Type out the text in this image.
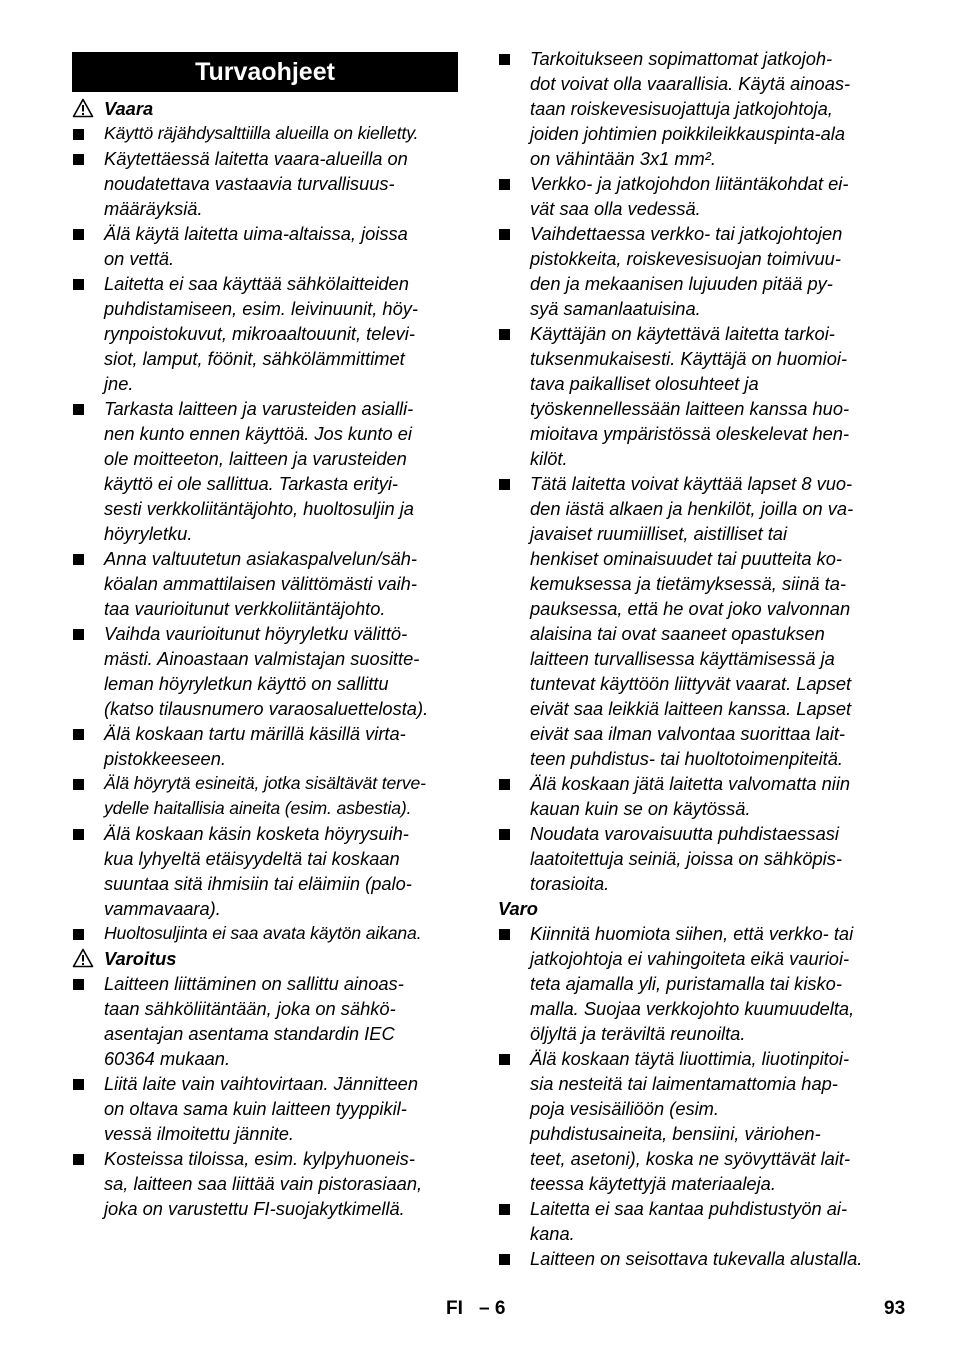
Turvaohjeet
Vaara
Käyttö räjähdysalttiilla alueilla on kielletty.
Käytettäessä laitetta vaara-alueilla on
noudatettava vastaavia turvallisuus-
määräyksiä.
Älä käytä laitetta uima-altaissa, joissa
on vettä.
Laitetta ei saa käyttää sähkölaitteiden
puhdistamiseen, esim. leivinuunit, höy-
rynpoistokuvut, mikroaaltouunit, televi-
siot, lamput, föönit, sähkölämmittimet
jne.
Tarkasta laitteen ja varusteiden asialli-
nen kunto ennen käyttöä. Jos kunto ei
ole moitteeton, laitteen ja varusteiden
käyttö ei ole sallittua. Tarkasta erityi-
sesti verkkoliitäntäjohto, huoltosuljin ja
höyryletku.
Anna valtuutetun asiakaspalvelun/säh-
köalan ammattilaisen välittömästi vaih-
taa vaurioitunut verkkoliitäntäjohto.
Vaihda vaurioitunut höyryletku välittö-
mästi. Ainoastaan valmistajan suositte-
leman höyryletkun käyttö on sallittu
(katso tilausnumero varaosaluettelosta).
Älä koskaan tartu märillä käsillä virta-
pistokkeeseen.
Älä höyrytä esineitä, jotka sisältävät terve-
ydelle haitallisia aineita (esim. asbestia).
Älä koskaan käsin kosketa höyrysuih-
kua lyhyeltä etäisyydeltä tai koskaan
suuntaa sitä ihmisiin tai eläimiin (palo-
vammavaara).
Huoltosuljinta ei saa avata käytön aikana.
Varoitus
Laitteen liittäminen on sallittu ainoas-
taan sähköliitäntään, joka on sähkö-
asentajan asentama standardin IEC
60364 mukaan.
Liitä laite vain vaihtovirtaan. Jännitteen
on oltava sama kuin laitteen tyyppikil-
vessä ilmoitettu jännite.
Kosteissa tiloissa, esim. kylpyhuoneis-
sa, laitteen saa liittää vain pistorasiaan,
joka on varustettu FI-suojakytkimellä.
Tarkoitukseen sopimattomat jatkojoh-
dot voivat olla vaarallisia. Käytä ainoas-
taan roiskevesisuojattuja jatkojohtoja,
joiden johtimien poikkileikkauspinta-ala
on vähintään 3x1 mm².
Verkko- ja jatkojohdon liitäntäkohdat ei-
vät saa olla vedessä.
Vaihdettaessa verkko- tai jatkojohtojen
pistokkeita, roiskevesisuojan toimivuu-
den ja mekaanisen lujuuden pitää py-
syä samanlaatuisina.
Käyttäjän on käytettävä laitetta tarkoi-
tuksenmukaisesti. Käyttäjä on huomioi-
tava paikalliset olosuhteet ja
työskennellessään laitteen kanssa huo-
mioitava ympäristössä oleskelevat hen-
kilöt.
Tätä laitetta voivat käyttää lapset 8 vuo-
den iästä alkaen ja henkilöt, joilla on va-
javaiset ruumiilliset, aistilliset tai
henkiset ominaisuudet tai puutteita ko-
kemuksessa ja tietämyksessä, siinä ta-
pauksessa, että he ovat joko valvonnan
alaisina tai ovat saaneet opastuksen
laitteen turvallisessa käyttämisessä ja
tuntevat käyttöön liittyvät vaarat. Lapset
eivät saa leikkiä laitteen kanssa. Lapset
eivät saa ilman valvontaa suorittaa lait-
teen puhdistus- tai huoltotoimenpiteitä.
Älä koskaan jätä laitetta valvomatta niin
kauan kuin se on käytössä.
Noudata varovaisuutta puhdistaessasi
laatoitettuja seiniä, joissa on sähköpis-
torasioita.
Varo
Kiinnitä huomiota siihen, että verkko- tai
jatkojohtoja ei vahingoiteta eikä vaurioi-
teta ajamalla yli, puristamalla tai kisko-
malla. Suojaa verkkojohto kuumuudelta,
öljyltä ja teräviltä reunoilta.
Älä koskaan täytä liuottimia, liuotinpitoi-
sia nesteitä tai laimentamattomia hap-
poja vesisäiliöön (esim.
puhdistusaineita, bensiini, väriohen-
teet, asetoni), koska ne syövyttävät lait-
teessa käytettyjä materiaaleja.
Laitetta ei saa kantaa puhdistustyön ai-
kana.
Laitteen on seisottava tukevalla alustalla.
FI – 6	93
